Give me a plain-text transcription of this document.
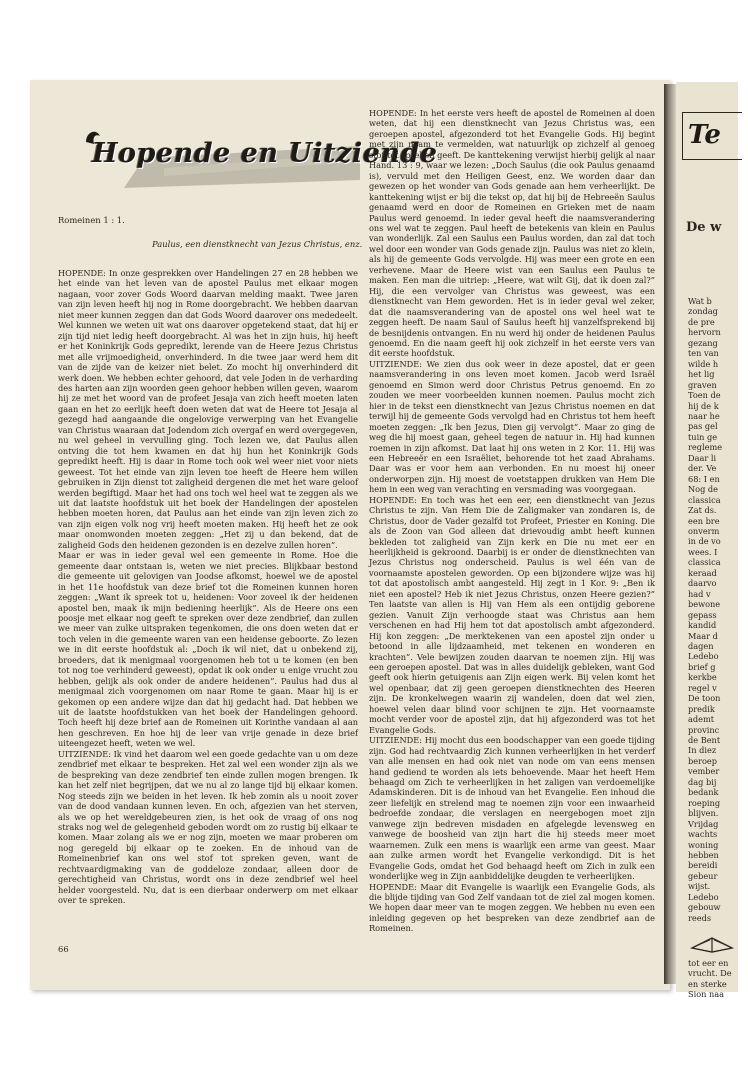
Hopende en Uitziende
Romeinen 1 : 1.
Paulus, een dienstknecht van Jezus Christus, enz.

HOPENDE: In onze gesprekken over Handelingen 27 en 28 hebben we het einde van het leven van de apostel Paulus met elkaar mogen nagaan, voor zover Gods Woord daarvan melding maakt. Twee jaren van zijn leven heeft hij nog in Rome doorgebracht. We hebben daarvan niet meer kunnen zeggen dan dat Gods Woord daarover ons mededeelt. Wel kunnen we weten uit wat ons daarover opgetekend staat, dat hij er zijn tijd niet ledig heeft doorgebracht. Al was het in zijn huis, hij heeft er het Koninkrijk Gods gepredikt, lerende van de Heere Jezus Christus met alle vrijmoedigheid, onverhinderd. In die twee jaar werd hem dit van de zijde van de keizer niet belet. Zo mocht hij onverhinderd dit werk doen. We hebben echter gehoord, dat vele Joden in de verharding des harten aan zijn woorden geen gehoor hebben willen geven, waarom hij ze met het woord van de profeet Jesaja van zich heeft moeten laten gaan en het zo eerlijk heeft doen weten dat wat de Heere tot Jesaja al gezegd had aangaande die ongelovige verwerping van het Evangelie van Christus waaraan dat Jodendom zich overgaf en werd overgegeven, nu wel geheel in vervulling ging. Toch lezen we, dat Paulus allen ontving die tot hem kwamen en dat hij hun het Koninkrijk Gods gepredikt heeft. Hij is daar in Rome toch ook wel weer niet voor niets geweest. Tot het einde van zijn leven toe heeft de Heere hem willen gebruiken in Zijn dienst tot zaligheid dergenen die met het ware geloof werden begiftigd. Maar het had ons toch wel heel wat te zeggen als we uit dat laatste hoofdstuk uit het boek der Handelingen der apostelen hebben moeten horen, dat Paulus aan het einde van zijn leven zich zo van zijn eigen volk nog vrij heeft moeten maken. Hij heeft het ze ook maar onomwonden moeten zeggen: „Het zij u dan bekend, dat de zaligheid Gods den heidenen gezonden is en dezelve zullen horen”.

Maar er was in ieder geval wel een gemeente in Rome. Hoe die gemeente daar ontstaan is, weten we niet precies. Blijkbaar bestond die gemeente uit gelovigen van Joodse afkomst, hoewel we de apostel in het 11e hoofdstuk van deze brief tot die Romeinen kunnen horen zeggen: „Want ik spreek tot u, heidenen: Voor zoveel ik der heidenen apostel ben, maak ik mijn bediening heerlijk”. Als de Heere ons een poosje met elkaar nog geeft te spreken over deze zendbrief, dan zullen we meer van zulke uitspraken tegenkomen, die ons doen weten dat er toch velen in die gemeente waren van een heidense geboorte. Zo lezen we in dit eerste hoofdstuk al: „Doch ik wil niet, dat u onbekend zij, broeders, dat ik menigmaal voorgenomen heb tot u te komen (en ben tot nog toe verhinderd geweest), opdat ik ook onder u enige vrucht zou hebben, gelijk als ook onder de andere heidenen”. Paulus had dus al menigmaal zich voorgenomen om naar Rome te gaan. Maar hij is er gekomen op een andere wijze dan dat hij gedacht had. Dat hebben we uit de laatste hoofdstukken van het boek der Handelingen gehoord. Toch heeft hij deze brief aan de Romeinen uit Korinthe vandaan al aan hen geschreven. En hoe hij de leer van vrije genade in deze brief uiteengezet heeft, weten we wel.

UITZIENDE: Ik vind het daarom wel een goede gedachte van u om deze zendbrief met elkaar te bespreken. Het zal wel een wonder zijn als we de bespreking van deze zendbrief ten einde zullen mogen brengen. Ik kan het zelf niet begrijpen, dat we nu al zo lange tijd bij elkaar komen. Nog steeds zijn we beiden in het leven. Ik heb zomin als u nooit zover van de dood vandaan kunnen leven. En och, afgezien van het sterven, als we op het wereldgebeuren zien, is het ook de vraag of ons nog straks nog wel de gelegenheid geboden wordt om zo rustig bij elkaar te komen. Maar zolang als we er nog zijn, moeten we maar proberen om nog geregeld bij elkaar op te zoeken. En de inhoud van de Romeinenbrief kan ons wel stof tot spreken geven, want de rechtvaardigmaking van de goddeloze zondaar, alleen door de gerechtigheid van Christus, wordt ons in deze zendbrief wel heel helder voorgesteld. Nu, dat is een dierbaar onderwerp om met elkaar over te spreken.

HOPENDE: In het eerste vers heeft de apostel de Romeinen al doen weten, dat hij een dienstknecht van Jezus Christus was, een geroepen apostel, afgezonderd tot het Evangelie Gods. Hij begint met zijn naam te vermelden, wat natuurlijk op zichzelf al genoeg stof tot spreken geeft. De kanttekening verwijst hierbij gelijk al naar Hand. 13 : 9, waar we lezen: „Doch Saulus (die ook Paulus genaamd is), vervuld met den Heiligen Geest, enz. We worden daar dan gewezen op het wonder van Gods genade aan hem verheerlijkt. De kanttekening wijst er bij die tekst op, dat hij bij de Hebreeën Saulus genaamd werd en door de Romeinen en Grieken met de naam Paulus werd genoemd. In ieder geval heeft die naamsverandering ons wel wat te zeggen. Paul heeft de betekenis van klein en Paulus van wonderlijk. Zal een Saulus een Paulus worden, dan zal dat toch wel door een wonder van Gods genade zijn. Paulus was niet zo klein, als hij de gemeente Gods vervolgde. Hij was meer een grote en een verhevene. Maar de Heere wist van een Saulus een Paulus te maken. Een man die uitriep: „Heere, wat wilt Gij, dat ik doen zal?” Hij, die een vervolger van Christus was geweest, was een dienstknecht van Hem geworden. Het is in ieder geval wel zeker, dat die naamsverandering van de apostel ons wel heel wat te zeggen heeft. De naam Saul of Saulus heeft hij vanzelfsprekend bij de besnijdenis ontvangen. En nu werd hij onder de heidenen Paulus genoemd. En die naam geeft hij ook zichzelf in het eerste vers van dit eerste hoofdstuk.

UITZIENDE: We zien dus ook weer in deze apostel, dat er geen naamsverandering in ons leven moet komen. Jacob werd Israël genoemd en Simon werd door Christus Petrus genoemd. En zo zouden we meer voorbeelden kunnen noemen. Paulus mocht zich hier in de tekst een dienstknecht van Jezus Christus noemen en dat terwijl hij de gemeente Gods vervolgd had en Christus tot hem heeft moeten zeggen: „Ik ben Jezus, Dien gij vervolgt”. Maar zo ging de weg die hij moest gaan, geheel tegen de natuur in. Hij had kunnen roemen in zijn afkomst. Dat laat hij ons weten in 2 Kor. 11. Hij was een Hebreeër en een Israëliet, behorende tot het zaad Abrahams. Daar was er voor hem aan verbonden. En nu moest hij oneer onderworpen zijn. Hij moest de voetstappen drukken van Hem Die hem in een weg van verachting en versmading was voorgegaan.

HOPENDE: En toch was het een eer, een dienstknecht van Jezus Christus te zijn. Van Hem Die de Zaligmaker van zondaren is, de Christus, door de Vader gezalfd tot Profeet, Priester en Koning. Die als de Zoon van God alleen dat drievoudig ambt heeft kunnen bekleden tot zaligheid van Zijn kerk en Die nu met eer en heerlijkheid is gekroond. Daarbij is er onder de dienstknechten van Jezus Christus nog onderscheid. Paulus is wel één van de voornaamste apostelen geworden. Op een bijzondere wijze was hij tot dat apostolisch ambt aangesteld. Hij zegt in 1 Kor. 9: „Ben ik niet een apostel? Heb ik niet Jezus Christus, onzen Heere gezien?” Ten laatste van allen is Hij van Hem als een ontijdig geborene gezien. Vanuit Zijn verhoogde staat was Christus aan hem verschenen en had Hij hem tot dat apostolisch ambt afgezonderd. Hij kon zeggen: „De merktekenen van een apostel zijn onder u betoond in alle lijdzaamheid, met tekenen en wonderen en krachten”. Vele bewijzen zouden daarvan te noemen zijn. Hij was een geroepen apostel. Dat was in alles duidelijk gebleken, want God geeft ook hierin getuigenis aan Zijn eigen werk. Bij velen komt het wel openbaar, dat zij geen geroepen dienstknechten des Heeren zijn. De kronkelwegen waarin zij wandelen, doen dat wel zien, hoewel velen daar blind voor schijnen te zijn. Het voornaamste mocht verder voor de apostel zijn, dat hij afgezonderd was tot het Evangelie Gods.

UITZIENDE: Hij mocht dus een boodschapper van een goede tijding zijn. God had rechtvaardig Zich kunnen verheerlijken in het verderf van alle mensen en had ook niet van node om van eens mensen hand gediend te worden als iets behoevende. Maar het heeft Hem behaagd om Zich te verheerlijken in het zaligen van verdoemelijke Adamskinderen. Dit is de inhoud van het Evangelie. Een inhoud die zeer liefelijk en strelend mag te noemen zijn voor een inwaarheid bedroefde zondaar, die verslagen en neergebogen moet zijn vanwege zijn bedreven misdaden en afgelegde levensweg en vanwege de boosheid van zijn hart die hij steeds meer moet waarnemen. Zulk een mens is waarlijk een arme van geest. Maar aan zulke armen wordt het Evangelie verkondigd. Dit is het Evangelie Gods, omdat het God behaagd heeft om Zich in zulk een wonderlijke weg in Zijn aanbiddelijke deugden te verheerlijken.

HOPENDE: Maar dit Evangelie is waarlijk een Evangelie Gods, als die blijde tijding van God Zelf vandaan tot de ziel zal mogen komen. We hopen daar meer van te mogen zeggen. We hebben nu even een inleiding gegeven op het bespreken van deze zendbrief aan de Romeinen.

66
Te
De w
Wat b
zondag
de pre
hervorn
gezang
ten van
wilde h
het lig
graven
Toen de
hij de k
naar he
pas gel
tuin ge
regleme
Daar li
der. Ve
68: I en
Nog de
classica
Zat ds.
een bre
onverm
in de vo
wees. I
classica
keraad
daarvo
had v
bewone
gepass
kandid
Maar d
dagen
Ledebo
brief g
kerkbe
regel v
De toon
predik
ademt
provinc
de Bent
In diez
beroep
vember
dag bij
bedank
roeping
blijven.
Vrijdag
wachts
woning
hebben
bereidi
gebeur
wijst.
Ledebo
gebouw
reeds
tot eer en
vrucht. De
en sterke
Sion naa
